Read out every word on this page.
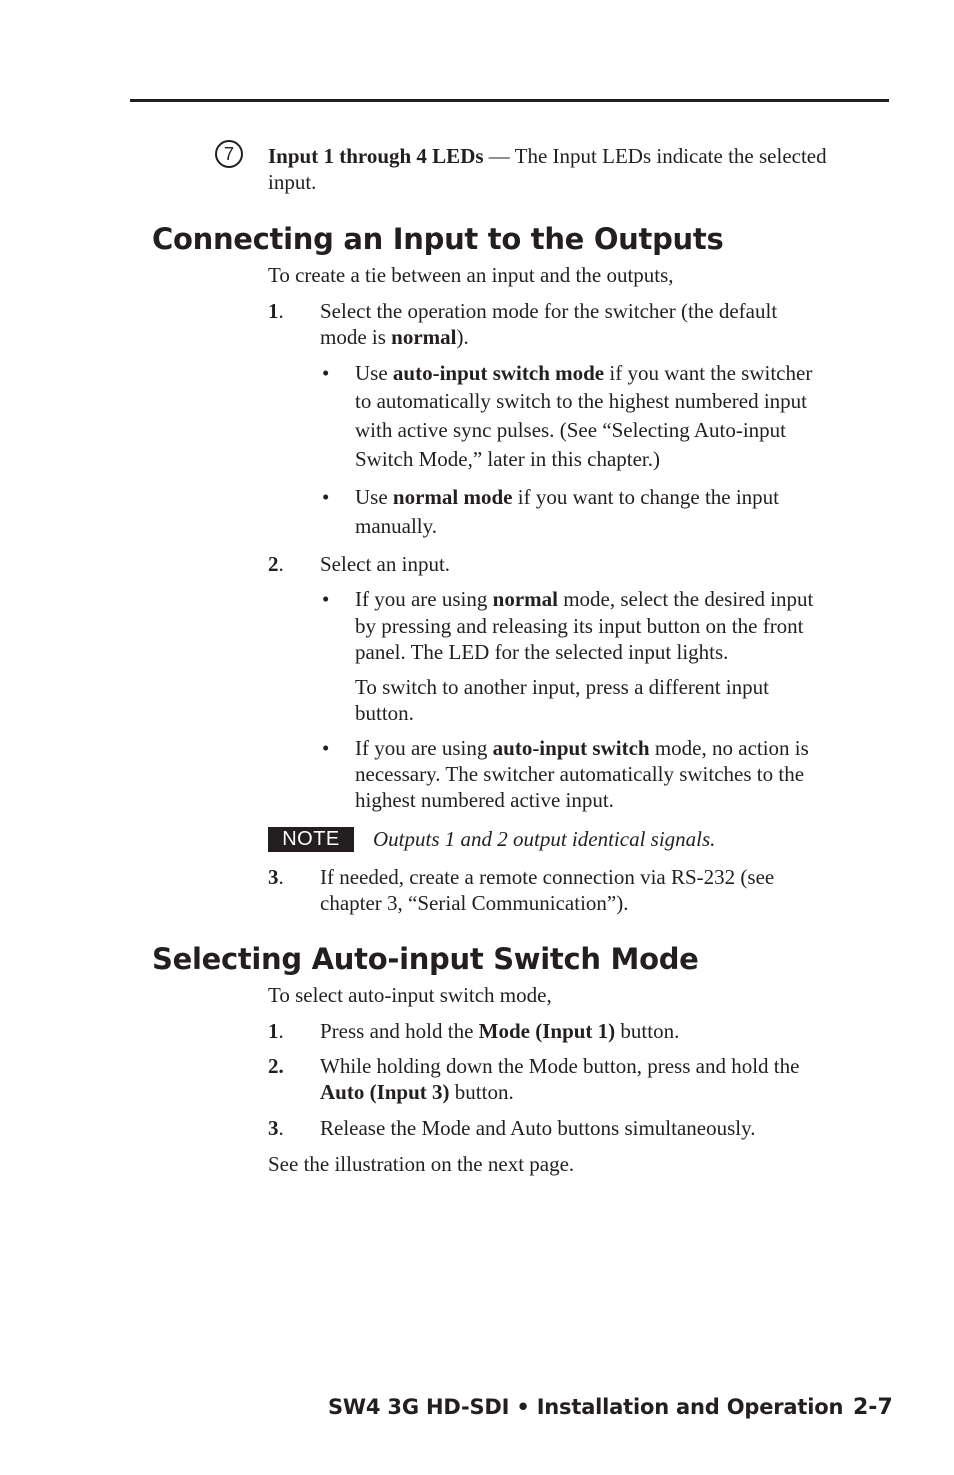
7	Input 1 through 4 LEDs — The Input LEDs indicate the selected
input.
Connecting an Input to the Outputs
To create a tie between an input and the outputs,
1. Select the operation mode for the switcher (the default
mode is normal).
• Use auto-input switch mode if you want the switcher
to automatically switch to the highest numbered input
with active sync pulses. (See “Selecting Auto-input
Switch Mode,” later in this chapter.)
• Use normal mode if you want to change the input
manually.
2. Select an input.
• If you are using normal mode, select the desired input
by pressing and releasing its input button on the front
panel. The LED for the selected input lights.
To switch to another input, press a different input
button.
• If you are using auto-input switch mode, no action is
necessary. The switcher automatically switches to the
highest numbered active input.
NOTE	Outputs 1 and 2 output identical signals.
3. If needed, create a remote connection via RS-232 (see
chapter 3, “Serial Communication”).
Selecting Auto-input Switch Mode
To select auto-input switch mode,
1. Press and hold the Mode (Input 1) button.
2. While holding down the Mode button, press and hold the
Auto (Input 3) button.
3. Release the Mode and Auto buttons simultaneously.
See the illustration on the next page.
SW4 3G HD-SDI • Installation and Operation 2-7
